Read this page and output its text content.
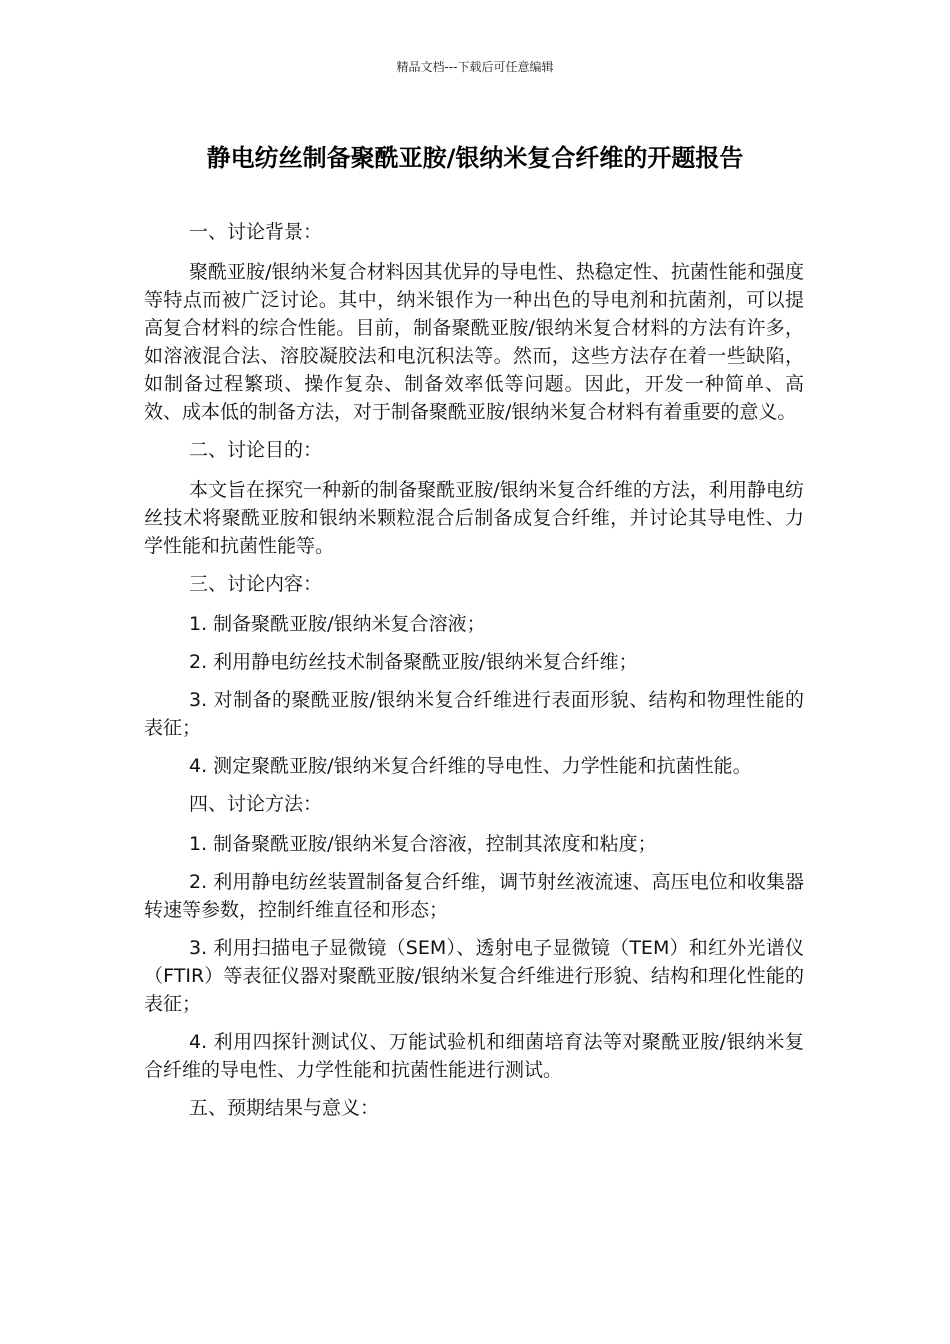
精品文档---下载后可任意编辑
静电纺丝制备聚酰亚胺/银纳米复合纤维的开题报告

一、讨论背景：

聚酰亚胺/银纳米复合材料因其优异的导电性、热稳定性、抗菌性能和强度等特点而被广泛讨论。其中，纳米银作为一种出色的导电剂和抗菌剂，可以提高复合材料的综合性能。目前，制备聚酰亚胺/银纳米复合材料的方法有许多，如溶液混合法、溶胶凝胶法和电沉积法等。然而，这些方法存在着一些缺陷，如制备过程繁琐、操作复杂、制备效率低等问题。因此，开发一种简单、高效、成本低的制备方法，对于制备聚酰亚胺/银纳米复合材料有着重要的意义。

二、讨论目的：

本文旨在探究一种新的制备聚酰亚胺/银纳米复合纤维的方法，利用静电纺丝技术将聚酰亚胺和银纳米颗粒混合后制备成复合纤维，并讨论其导电性、力学性能和抗菌性能等。

三、讨论内容：

1. 制备聚酰亚胺/银纳米复合溶液；

2. 利用静电纺丝技术制备聚酰亚胺/银纳米复合纤维；

3. 对制备的聚酰亚胺/银纳米复合纤维进行表面形貌、结构和物理性能的表征；

4. 测定聚酰亚胺/银纳米复合纤维的导电性、力学性能和抗菌性能。

四、讨论方法：

1. 制备聚酰亚胺/银纳米复合溶液，控制其浓度和粘度；

2. 利用静电纺丝装置制备复合纤维，调节射丝液流速、高压电位和收集器转速等参数，控制纤维直径和形态；

3. 利用扫描电子显微镜（SEM）、透射电子显微镜（TEM）和红外光谱仪（FTIR）等表征仪器对聚酰亚胺/银纳米复合纤维进行形貌、结构和理化性能的表征；

4. 利用四探针测试仪、万能试验机和细菌培育法等对聚酰亚胺/银纳米复合纤维的导电性、力学性能和抗菌性能进行测试。

五、预期结果与意义：
